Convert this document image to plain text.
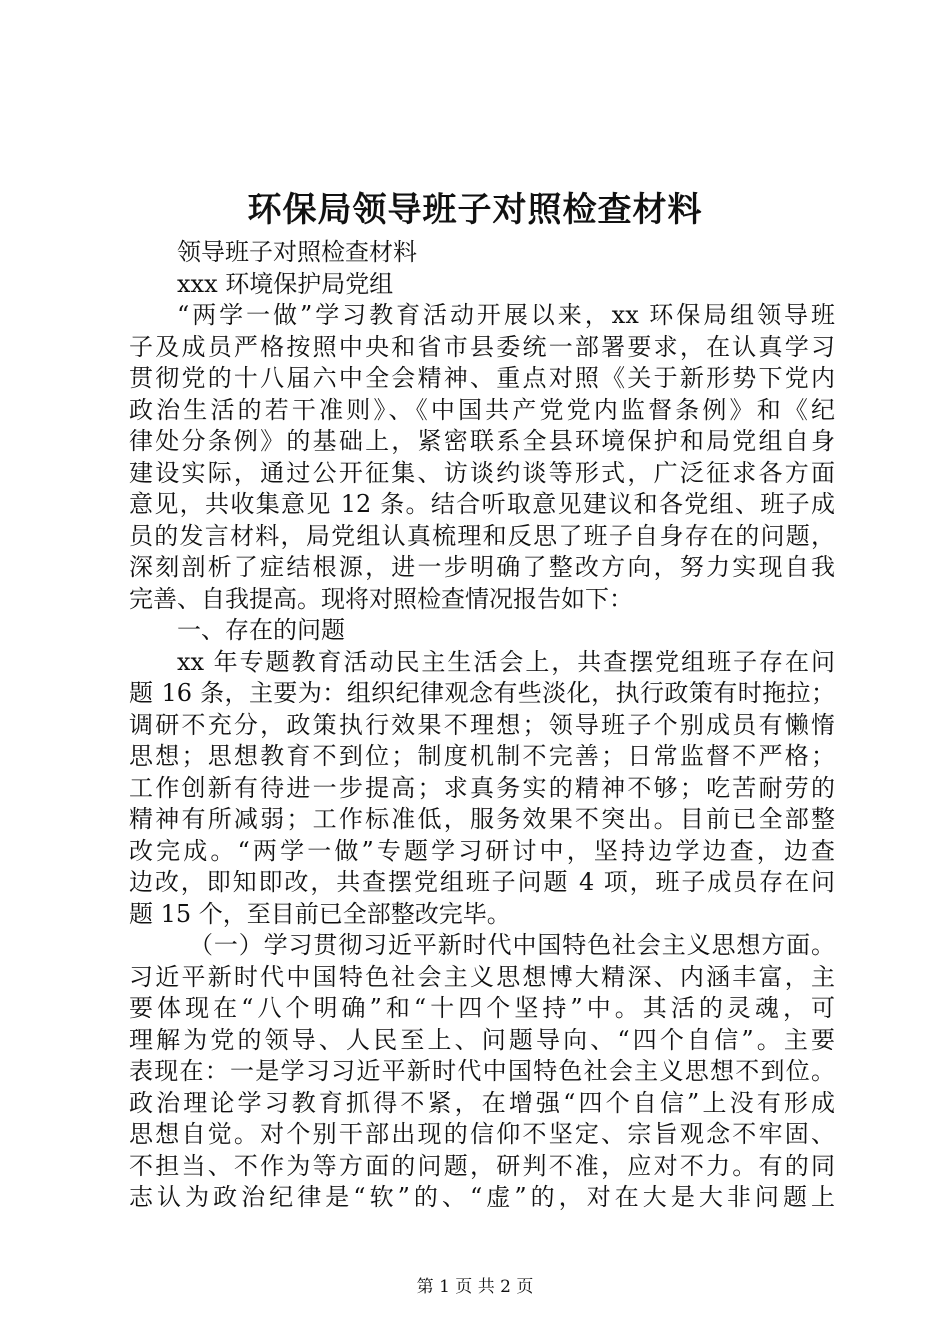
环保局领导班子对照检查材料
领导班子对照检查材料
xxx 环境保护局党组
“两学一做”学习教育活动开展以来，xx 环保局组领导班
子及成员严格按照中央和省市县委统一部署要求，在认真学习
贯彻党的十八届六中全会精神、重点对照《关于新形势下党内
政治生活的若干准则》、《中国共产党党内监督条例》和《纪
律处分条例》的基础上，紧密联系全县环境保护和局党组自身
建设实际，通过公开征集、访谈约谈等形式，广泛征求各方面
意见，共收集意见 12 条。结合听取意见建议和各党组、班子成
员的发言材料，局党组认真梳理和反思了班子自身存在的问题，
深刻剖析了症结根源，进一步明确了整改方向，努力实现自我
完善、自我提高。现将对照检查情况报告如下：
一、存在的问题
xx 年专题教育活动民主生活会上，共查摆党组班子存在问
题 16 条，主要为：组织纪律观念有些淡化，执行政策有时拖拉；
调研不充分，政策执行效果不理想；领导班子个别成员有懒惰
思想；思想教育不到位；制度机制不完善；日常监督不严格；
工作创新有待进一步提高；求真务实的精神不够；吃苦耐劳的
精神有所减弱；工作标准低，服务效果不突出。目前已全部整
改完成。“两学一做”专题学习研讨中，坚持边学边查，边查
边改，即知即改，共查摆党组班子问题 4 项，班子成员存在问
题 15 个，至目前已全部整改完毕。
（一）学习贯彻习近平新时代中国特色社会主义思想方面。
习近平新时代中国特色社会主义思想博大精深、内涵丰富，主
要体现在“八个明确”和“十四个坚持”中。其活的灵魂，可
理解为党的领导、人民至上、问题导向、“四个自信”。主要
表现在：一是学习习近平新时代中国特色社会主义思想不到位。
政治理论学习教育抓得不紧，在增强“四个自信”上没有形成
思想自觉。对个别干部出现的信仰不坚定、宗旨观念不牢固、
不担当、不作为等方面的问题，研判不准，应对不力。有的同
志认为政治纪律是“软”的、“虚”的，对在大是大非问题上
第 1 页 共 2 页
